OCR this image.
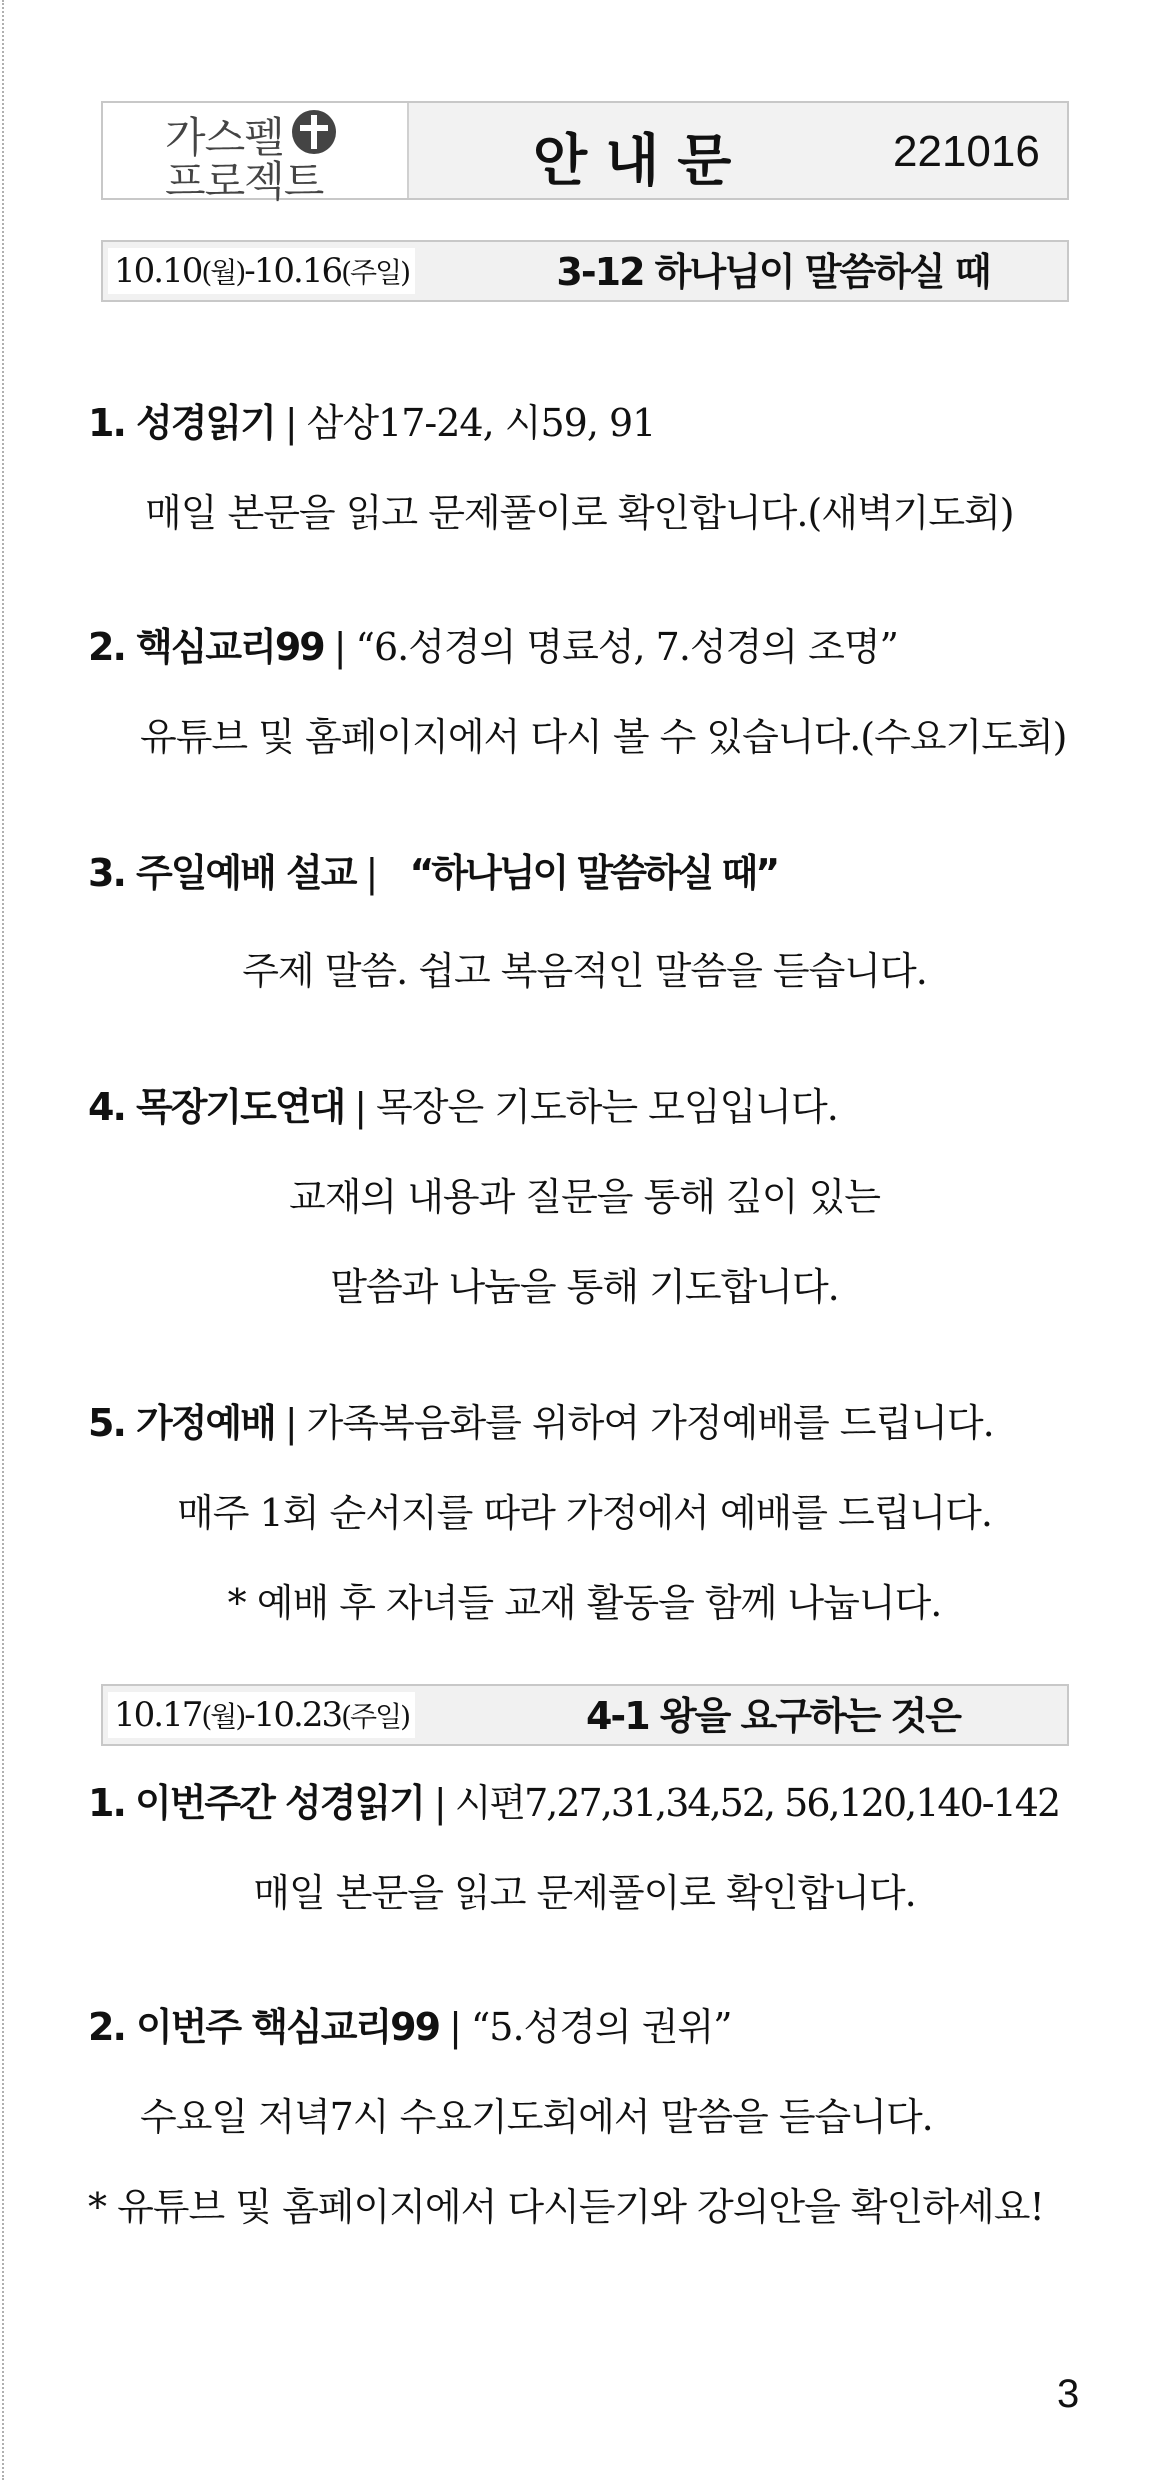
가스펠
프로젝트	안내문	221016
10.10(월)-10.16(주일)	3-12 하나님이 말씀하실 때
1. 성경읽기 | 삼상17-24, 시59, 91
매일 본문을 읽고 문제풀이로 확인합니다.(새벽기도회)
2. 핵심교리99 | “6.성경의 명료성, 7.성경의 조명”
유튜브 및 홈페이지에서 다시 볼 수 있습니다.(수요기도회)
3. 주일예배 설교 | “하나님이 말씀하실 때”
주제 말씀. 쉽고 복음적인 말씀을 듣습니다.
4. 목장기도연대 | 목장은 기도하는 모임입니다.
교재의 내용과 질문을 통해 깊이 있는
말씀과 나눔을 통해 기도합니다.
5. 가정예배 | 가족복음화를 위하여 가정예배를 드립니다.
매주 1회 순서지를 따라 가정에서 예배를 드립니다.
* 예배 후 자녀들 교재 활동을 함께 나눕니다.
10.17(월)-10.23(주일)	4-1 왕을 요구하는 것은
1. 이번주간 성경읽기 | 시편7,27,31,34,52, 56,120,140-142
매일 본문을 읽고 문제풀이로 확인합니다.
2. 이번주 핵심교리99 | “5.성경의 권위”
수요일 저녁7시 수요기도회에서 말씀을 듣습니다.
* 유튜브 및 홈페이지에서 다시듣기와 강의안을 확인하세요!
3
